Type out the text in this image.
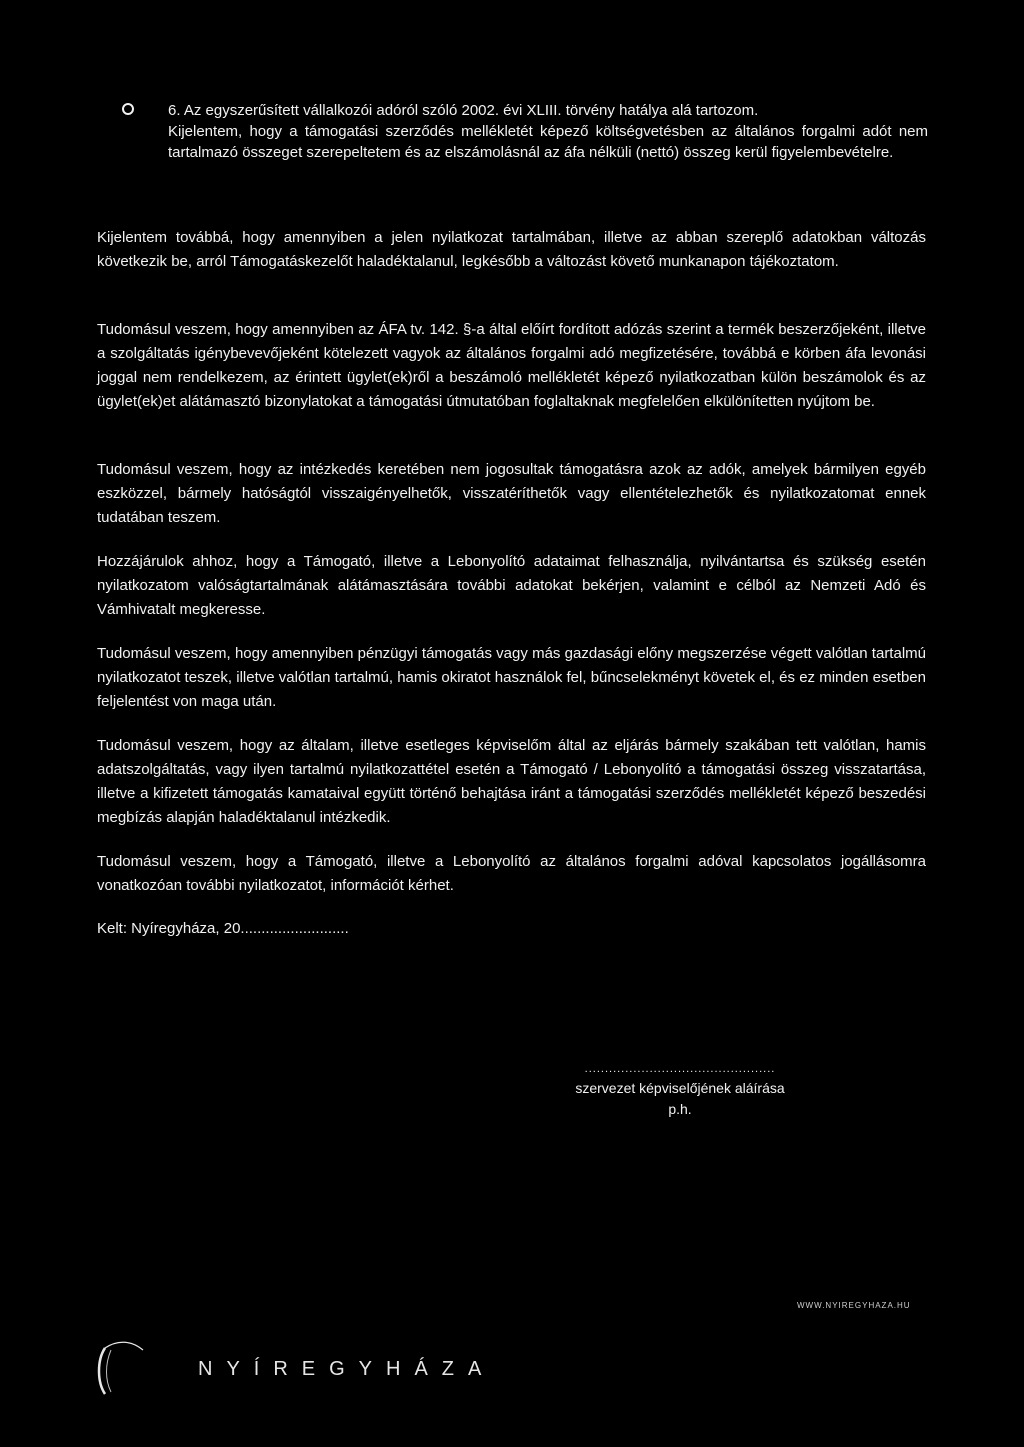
6. Az egyszerűsített vállalkozói adóról szóló 2002. évi XLIII. törvény hatálya alá tartozom.
Kijelentem, hogy a támogatási szerződés mellékletét képező költségvetésben az általános forgalmi adót nem tartalmazó összeget szerepeltetem és az elszámolásnál az áfa nélküli (nettó) összeg kerül figyelembevételre.
Kijelentem továbbá, hogy amennyiben a jelen nyilatkozat tartalmában, illetve az abban szereplő adatokban változás következik be, arról Támogatáskezelőt haladéktalanul, legkésőbb a változást követő munkanapon tájékoztatom.
Tudomásul veszem, hogy amennyiben az ÁFA tv. 142. §-a által előírt fordított adózás szerint a termék beszerzőjeként, illetve a szolgáltatás igénybevevőjeként kötelezett vagyok az általános forgalmi adó megfizetésére, továbbá e körben áfa levonási joggal nem rendelkezem, az érintett ügylet(ek)ről a beszámoló mellékletét képező nyilatkozatban külön beszámolok és az ügylet(ek)et alátámasztó bizonylatokat a támogatási útmutatóban foglaltaknak megfelelően elkülönítetten nyújtom be.
Tudomásul veszem, hogy az intézkedés keretében nem jogosultak támogatásra azok az adók, amelyek bármilyen egyéb eszközzel, bármely hatóságtól visszaigényelhetők, visszatéríthetők vagy ellentételezhetők és nyilatkozatomat ennek tudatában teszem.
Hozzájárulok ahhoz, hogy a Támogató, illetve a Lebonyolító adataimat felhasználja, nyilvántartsa és szükség esetén nyilatkozatom valóságtartalmának alátámasztására további adatokat bekérjen, valamint e célból az Nemzeti Adó és Vámhivatalt megkeresse.
Tudomásul veszem, hogy amennyiben pénzügyi támogatás vagy más gazdasági előny megszerzése végett valótlan tartalmú nyilatkozatot teszek, illetve valótlan tartalmú, hamis okiratot használok fel, bűncselekményt követek el, és ez minden esetben feljelentést von maga után.
Tudomásul veszem, hogy az általam, illetve esetleges képviselőm által az eljárás bármely szakában tett valótlan, hamis adatszolgáltatás, vagy ilyen tartalmú nyilatkozattétel esetén a Támogató / Lebonyolító a támogatási összeg visszatartása, illetve a kifizetett támogatás kamataival együtt történő behajtása iránt a támogatási szerződés mellékletét képező beszedési megbízás alapján haladéktalanul intézkedik.
Tudomásul veszem, hogy a Támogató, illetve a Lebonyolító az általános forgalmi adóval kapcsolatos jogállásomra vonatkozóan további nyilatkozatot, információt kérhet.
Kelt: Nyíregyháza, 20..........................
...............................................
szervezet képviselőjének aláírása
p.h.
WWW.NYIREGYHAZA.HU
NYÍREGYHÁZA
